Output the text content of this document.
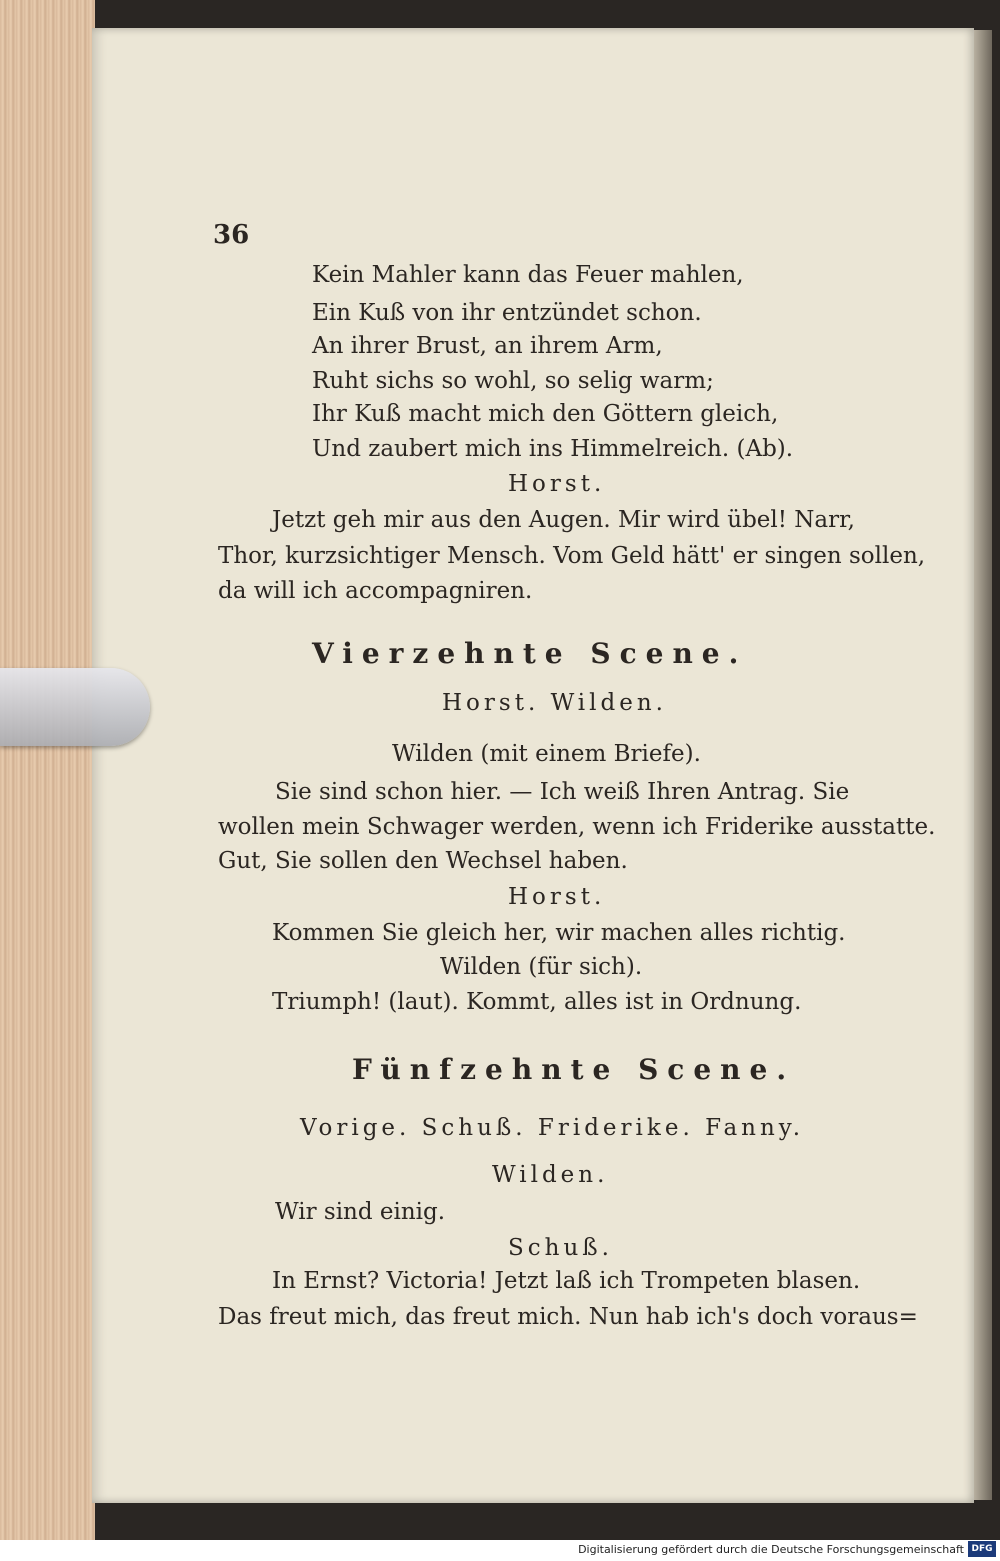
36
Kein Mahler kann das Feuer mahlen,
Ein Kuß von ihr entzündet schon.
An ihrer Brust, an ihrem Arm,
Ruht sichs so wohl, so selig warm;
Ihr Kuß macht mich den Göttern gleich,
Und zaubert mich ins Himmelreich. (Ab).
Horst.
Jetzt geh mir aus den Augen. Mir wird übel! Narr,
Thor, kurzsichtiger Mensch. Vom Geld hätt' er singen sollen,
da will ich accompagniren.
Vierzehnte Scene.
Horst. Wilden.
Wilden (mit einem Briefe).
Sie sind schon hier. — Ich weiß Ihren Antrag. Sie
wollen mein Schwager werden, wenn ich Friderike ausstatte.
Gut, Sie sollen den Wechsel haben.
Horst.
Kommen Sie gleich her, wir machen alles richtig.
Wilden (für sich).
Triumph! (laut). Kommt, alles ist in Ordnung.
Fünfzehnte Scene.
Vorige. Schuß. Friderike. Fanny.
Wilden.
Wir sind einig.
Schuß.
In Ernst? Victoria! Jetzt laß ich Trompeten blasen.
Das freut mich, das freut mich. Nun hab ich's doch voraus=
Digitalisierung gefördert durch die Deutsche Forschungsgemeinschaft DFG
